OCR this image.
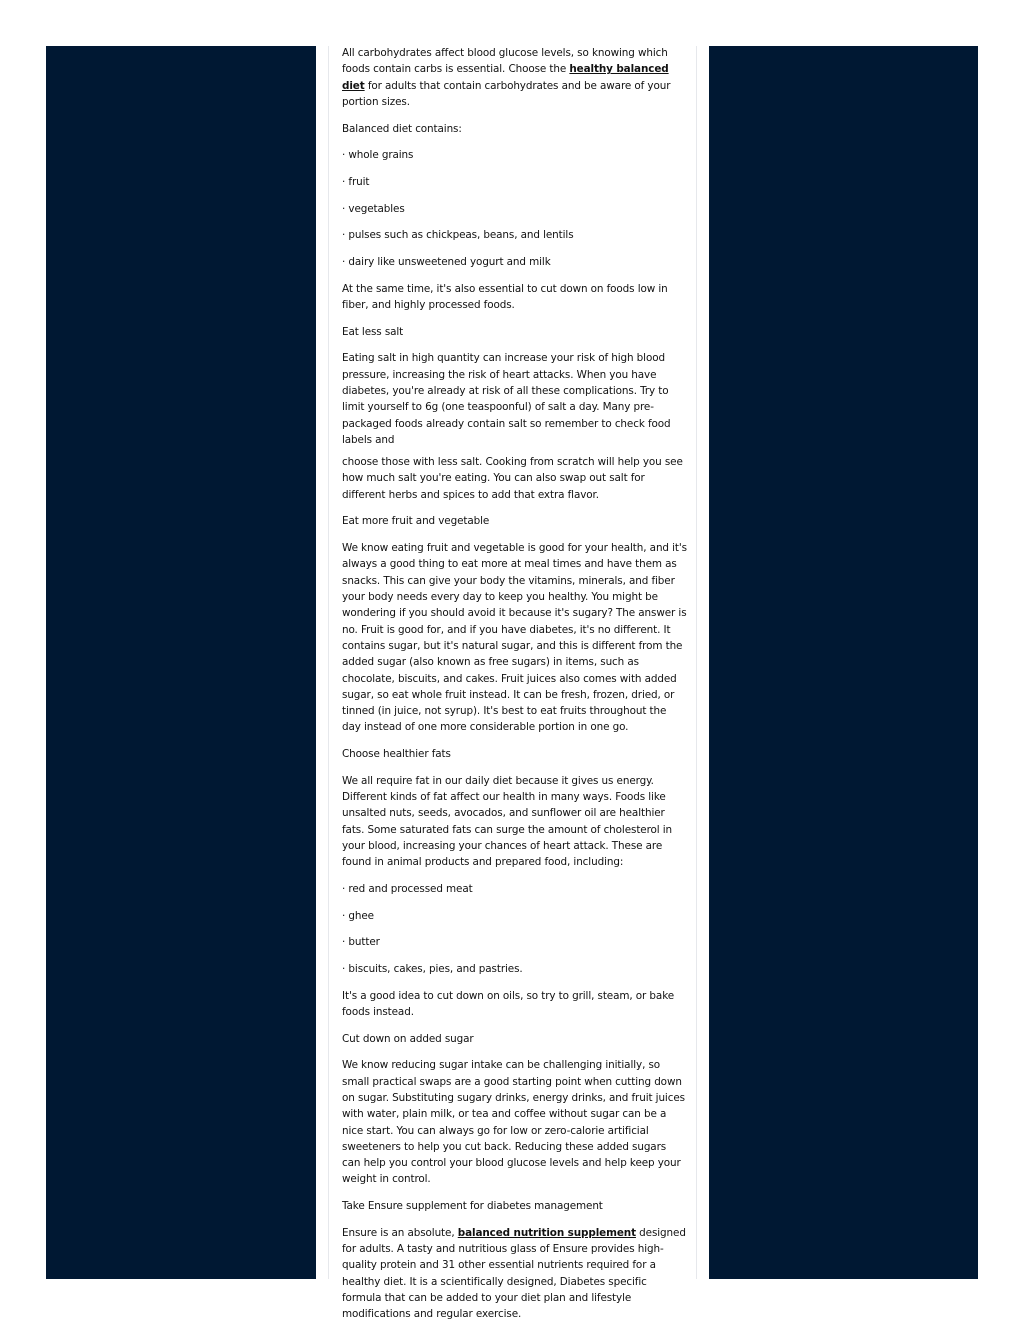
All carbohydrates affect blood glucose levels, so knowing which foods contain carbs is essential. Choose the healthy balanced diet for adults that contain carbohydrates and be aware of your portion sizes.

Balanced diet contains:

· whole grains

· fruit

· vegetables

· pulses such as chickpeas, beans, and lentils

· dairy like unsweetened yogurt and milk

At the same time, it's also essential to cut down on foods low in fiber, and highly processed foods.

Eat less salt

Eating salt in high quantity can increase your risk of high blood pressure, increasing the risk of heart attacks. When you have diabetes, you're already at risk of all these complications. Try to limit yourself to 6g (one teaspoonful) of salt a day. Many pre-packaged foods already contain salt so remember to check food labels and

choose those with less salt. Cooking from scratch will help you see how much salt you're eating. You can also swap out salt for different herbs and spices to add that extra flavor.

Eat more fruit and vegetable

We know eating fruit and vegetable is good for your health, and it's always a good thing to eat more at meal times and have them as snacks. This can give your body the vitamins, minerals, and fiber your body needs every day to keep you healthy. You might be wondering if you should avoid it because it's sugary? The answer is no. Fruit is good for, and if you have diabetes, it's no different. It contains sugar, but it's natural sugar, and this is different from the added sugar (also known as free sugars) in items, such as chocolate, biscuits, and cakes. Fruit juices also comes with added sugar, so eat whole fruit instead. It can be fresh, frozen, dried, or tinned (in juice, not syrup). It's best to eat fruits throughout the day instead of one more considerable portion in one go.

Choose healthier fats

We all require fat in our daily diet because it gives us energy. Different kinds of fat affect our health in many ways. Foods like unsalted nuts, seeds, avocados, and sunflower oil are healthier fats. Some saturated fats can surge the amount of cholesterol in your blood, increasing your chances of heart attack. These are found in animal products and prepared food, including:

· red and processed meat

· ghee

· butter

· biscuits, cakes, pies, and pastries.

It's a good idea to cut down on oils, so try to grill, steam, or bake foods instead.

Cut down on added sugar

We know reducing sugar intake can be challenging initially, so small practical swaps are a good starting point when cutting down on sugar. Substituting sugary drinks, energy drinks, and fruit juices with water, plain milk, or tea and coffee without sugar can be a nice start. You can always go for low or zero-calorie artificial sweeteners to help you cut back. Reducing these added sugars can help you control your blood glucose levels and help keep your weight in control.

Take Ensure supplement for diabetes management

Ensure is an absolute, balanced nutrition supplement designed for adults. A tasty and nutritious glass of Ensure provides high-quality protein and 31 other essential nutrients required for a healthy diet. It is a scientifically designed, Diabetes specific formula that can be added to your diet plan and lifestyle modifications and regular exercise.
